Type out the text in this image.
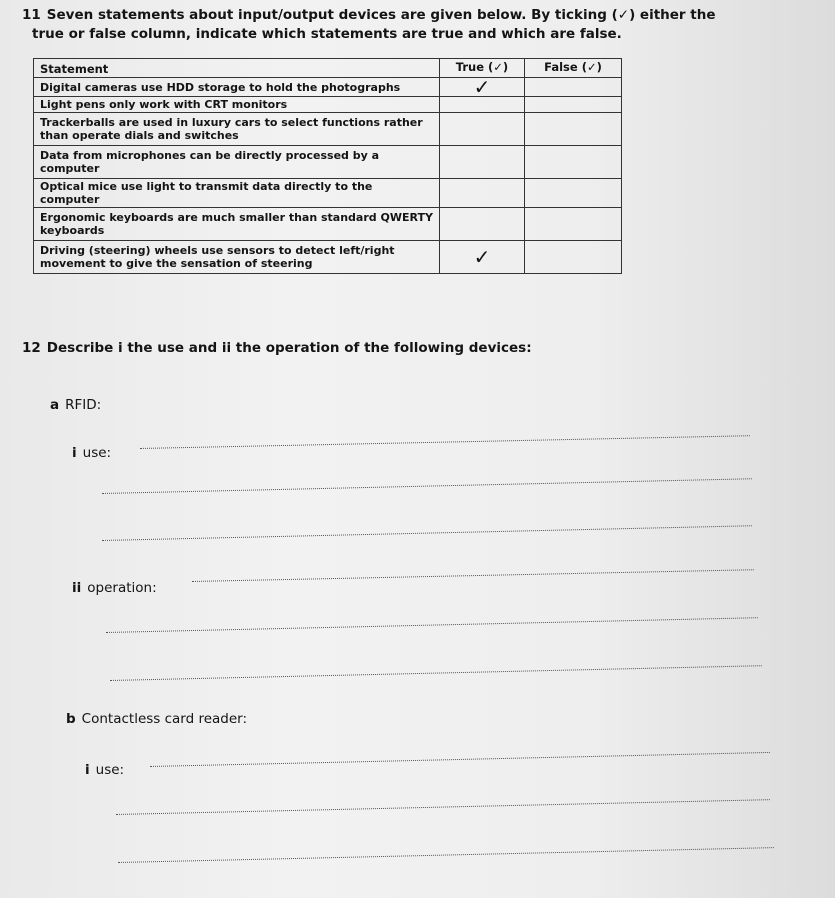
11 Seven statements about input/output devices are given below. By ticking (✓) either the
true or false column, indicate which statements are true and which are false.
Statement	True (✓)	False (✓)
Digital cameras use HDD storage to hold the photographs	✓	
Light pens only work with CRT monitors		
Trackerballs are used in luxury cars to select functions rather than operate dials and switches		
Data from microphones can be directly processed by a computer		
Optical mice use light to transmit data directly to the computer		
Ergonomic keyboards are much smaller than standard QWERTY keyboards		
Driving (steering) wheels use sensors to detect left/right movement to give the sensation of steering	✓	
12 Describe i the use and ii the operation of the following devices:
a RFID:
i use:
ii operation:
b Contactless card reader:
i use:
